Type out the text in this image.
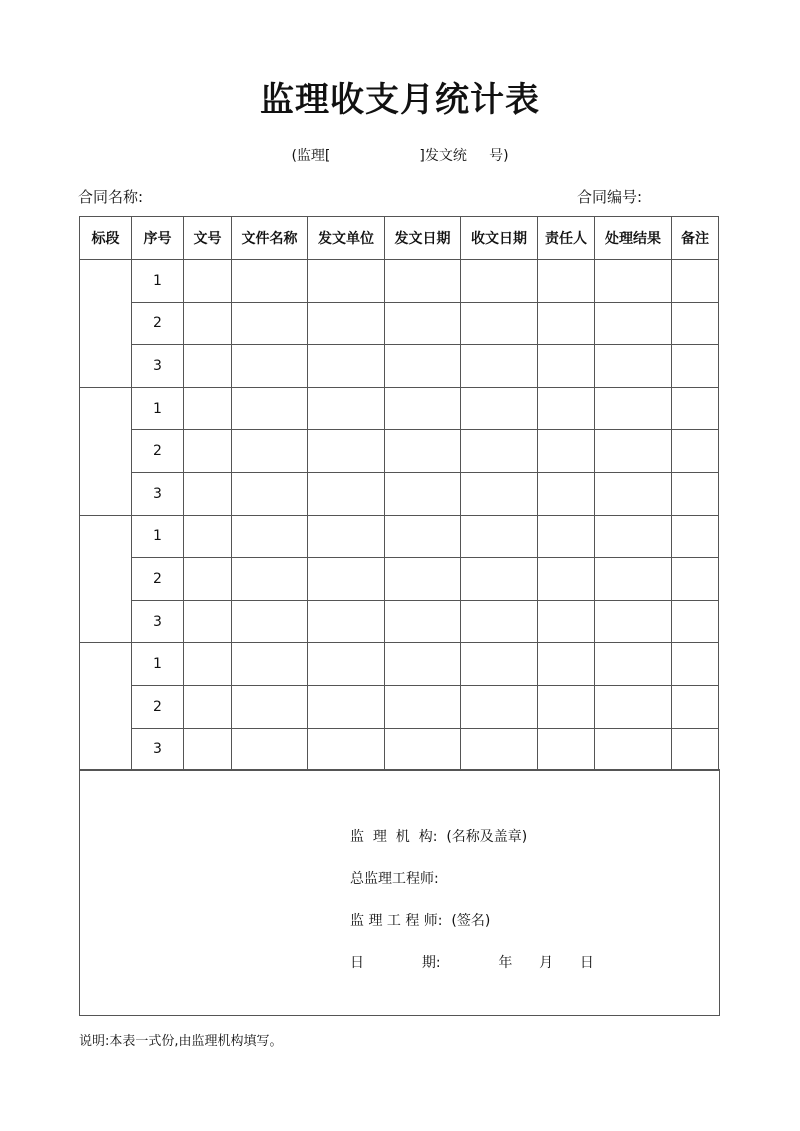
监理收支月统计表
(监理[                    ]发文统     号)
合同名称:	合同编号:
标段	序号	文号	文件名称	发文单位	发文日期	收文日期	责任人	处理结果	备注
	1								
	2								
	3								
	1								
	2								
	3								
	1								
	2								
	3								
	1								
	2								
	3								
监  理  机  构:  (名称及盖章)
总监理工程师:
监 理 工 程 师:  (签名)
日             期:             年      月      日
说明:本表一式份,由监理机构填写。
